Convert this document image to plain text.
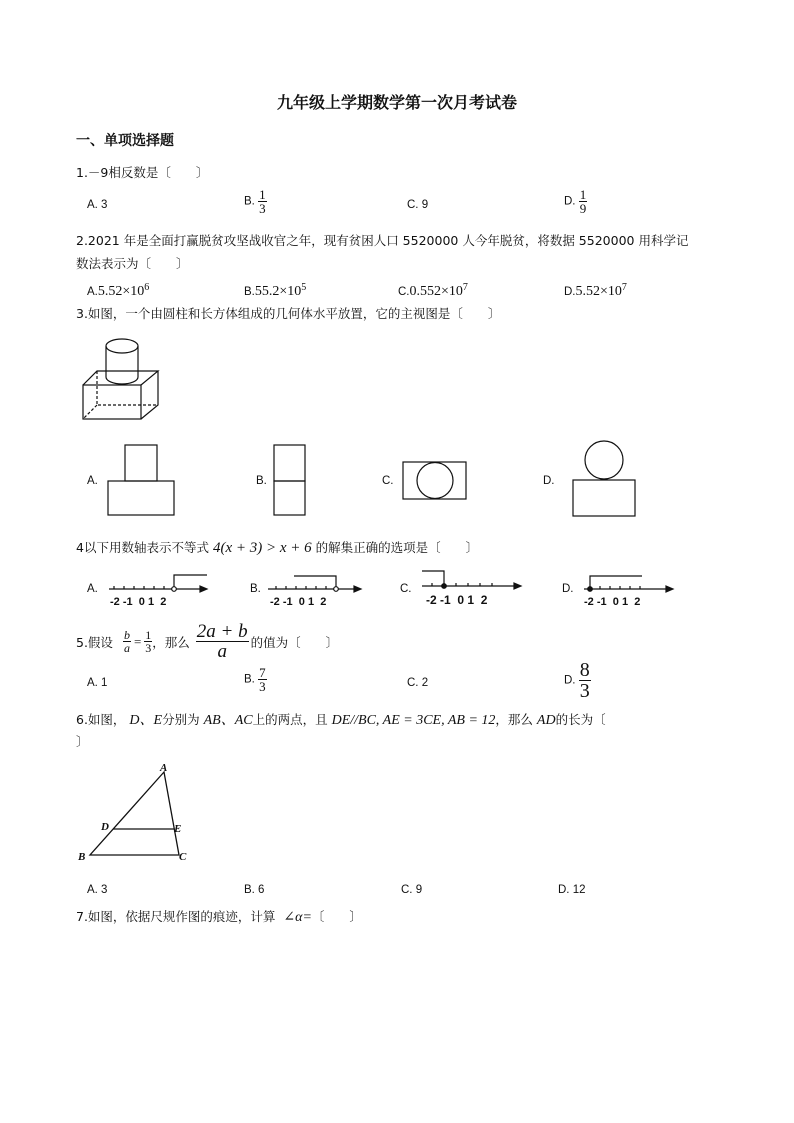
九年级上学期数学第一次月考试卷
一、单项选择题
1.－9相反数是〔　　〕
A. 3	B. $\frac{1}{3}$	C. 9	D. $\frac{1}{9}$
2.2021 年是全面打赢脱贫攻坚战收官之年，现有贫困人口 5520000 人今年脱贫，将数据 5520000 用科学记
数法表示为〔　　〕
$A.5.52\times 10^6$	$B.55.2\times 10^5$	$C.0.552\times 10^7$	$D.5.52\times 10^7$
3.如图，一个由圆柱和长方体组成的几何体水平放置，它的主视图是〔　　〕
A.	B.	C.	D.
4以下用数轴表示不等式 4(x + 3) > x + 6 的解集正确的选项是〔　　〕
A.
-2 -1 0 1 2
B.
-2 -1 0 1 2
C.
-2 -1 0 1 2
D.
-2 -1 0 1 2
5.假设 $\frac{b}{a} = \frac{1}{3}$ ，那么 $\frac{2a + b}{a}$ 的值为〔　　〕
A. 1	B. $\frac{7}{3}$	C. 2	D. $\frac{8}{3}$
6.如图， D、E分别为 AB、AC上的两点，且 DE//BC, AE = 3CE, AB = 12，那么 AD的长为〔
〕
A
D	E
B	C
A. 3	B. 6	C. 9	D. 12
7.如图，依据尺规作图的痕迹，计算 ∠α=〔　　〕
